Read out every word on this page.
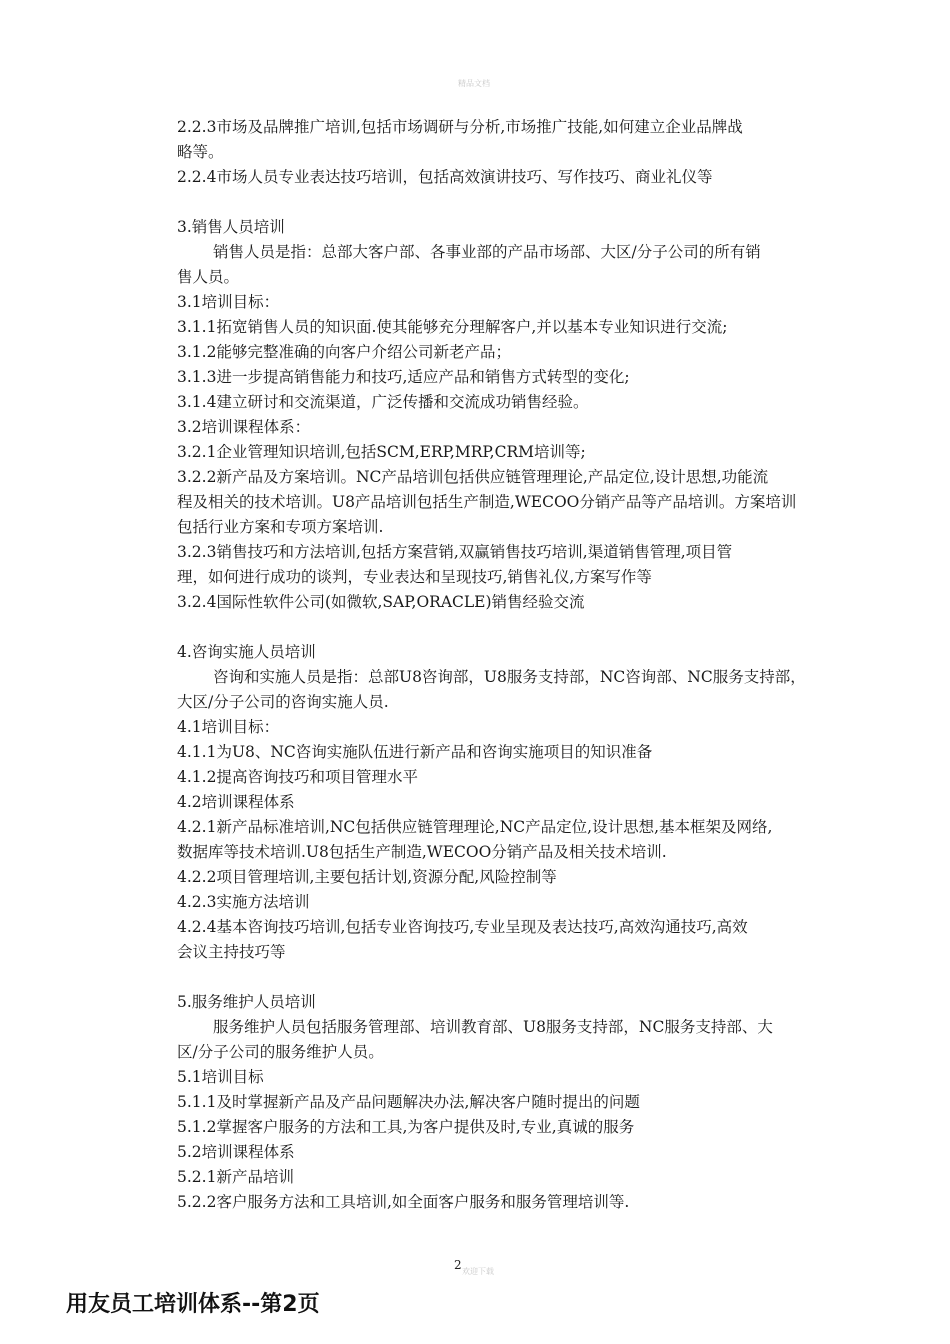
精品文档
2.2.3市场及品牌推广培训,包括市场调研与分析,市场推广技能,如何建立企业品牌战
略等。
2.2.4市场人员专业表达技巧培训，包括高效演讲技巧、写作技巧、商业礼仪等
3.销售人员培训
销售人员是指：总部大客户部、各事业部的产品市场部、大区/分子公司的所有销
售人员。
3.1培训目标：
3.1.1拓宽销售人员的知识面.使其能够充分理解客户,并以基本专业知识进行交流;
3.1.2能够完整准确的向客户介绍公司新老产品；
3.1.3进一步提高销售能力和技巧,适应产品和销售方式转型的变化;
3.1.4建立研讨和交流渠道，广泛传播和交流成功销售经验。
3.2培训课程体系：
3.2.1企业管理知识培训,包括SCM,ERP,MRP,CRM培训等;
3.2.2新产品及方案培训。NC产品培训包括供应链管理理论,产品定位,设计思想,功能流
程及相关的技术培训。U8产品培训包括生产制造,WECOO分销产品等产品培训。方案培训
包括行业方案和专项方案培训.
3.2.3销售技巧和方法培训,包括方案营销,双赢销售技巧培训,渠道销售管理,项目管
理，如何进行成功的谈判，专业表达和呈现技巧,销售礼仪,方案写作等
3.2.4国际性软件公司(如微软,SAP,ORACLE)销售经验交流
4.咨询实施人员培训
咨询和实施人员是指：总部U8咨询部，U8服务支持部，NC咨询部、NC服务支持部，
大区/分子公司的咨询实施人员.
4.1培训目标：
4.1.1为U8、NC咨询实施队伍进行新产品和咨询实施项目的知识准备
4.1.2提高咨询技巧和项目管理水平
4.2培训课程体系
4.2.1新产品标准培训,NC包括供应链管理理论,NC产品定位,设计思想,基本框架及网络,
数据库等技术培训.U8包括生产制造,WECOO分销产品及相关技术培训.
4.2.2项目管理培训,主要包括计划,资源分配,风险控制等
4.2.3实施方法培训
4.2.4基本咨询技巧培训,包括专业咨询技巧,专业呈现及表达技巧,高效沟通技巧,高效
会议主持技巧等
5.服务维护人员培训
服务维护人员包括服务管理部、培训教育部、U8服务支持部，NC服务支持部、大
区/分子公司的服务维护人员。
5.1培训目标
5.1.1及时掌握新产品及产品问题解决办法,解决客户随时提出的问题
5.1.2掌握客户服务的方法和工具,为客户提供及时,专业,真诚的服务
5.2培训课程体系
5.2.1新产品培训
5.2.2客户服务方法和工具培训,如全面客户服务和服务管理培训等.
2 欢迎下载
用友员工培训体系--第2页
